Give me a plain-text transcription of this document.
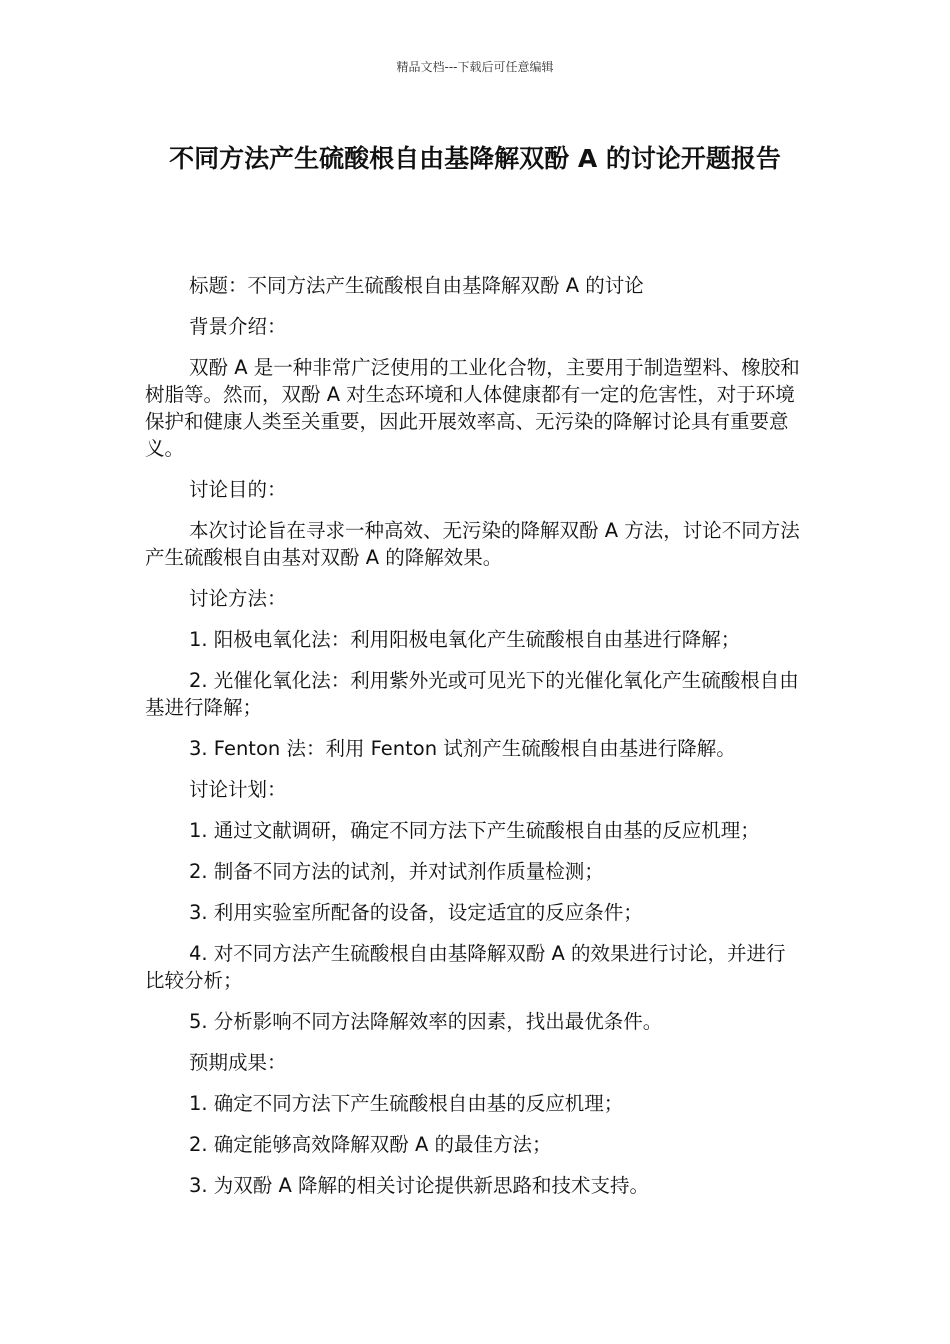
精品文档---下载后可任意编辑
不同方法产生硫酸根自由基降解双酚 A 的讨论开题报告

标题：不同方法产生硫酸根自由基降解双酚 A 的讨论

背景介绍：

双酚 A 是一种非常广泛使用的工业化合物，主要用于制造塑料、橡胶和树脂等。然而，双酚 A 对生态环境和人体健康都有一定的危害性，对于环境保护和健康人类至关重要，因此开展效率高、无污染的降解讨论具有重要意义。

讨论目的：

本次讨论旨在寻求一种高效、无污染的降解双酚 A 方法，讨论不同方法产生硫酸根自由基对双酚 A 的降解效果。

讨论方法：

1. 阳极电氧化法：利用阳极电氧化产生硫酸根自由基进行降解；

2. 光催化氧化法：利用紫外光或可见光下的光催化氧化产生硫酸根自由基进行降解；

3. Fenton 法：利用 Fenton 试剂产生硫酸根自由基进行降解。

讨论计划：

1. 通过文献调研，确定不同方法下产生硫酸根自由基的反应机理；

2. 制备不同方法的试剂，并对试剂作质量检测；

3. 利用实验室所配备的设备，设定适宜的反应条件；

4. 对不同方法产生硫酸根自由基降解双酚 A 的效果进行讨论，并进行比较分析；

5. 分析影响不同方法降解效率的因素，找出最优条件。

预期成果：

1. 确定不同方法下产生硫酸根自由基的反应机理；

2. 确定能够高效降解双酚 A 的最佳方法；

3. 为双酚 A 降解的相关讨论提供新思路和技术支持。
